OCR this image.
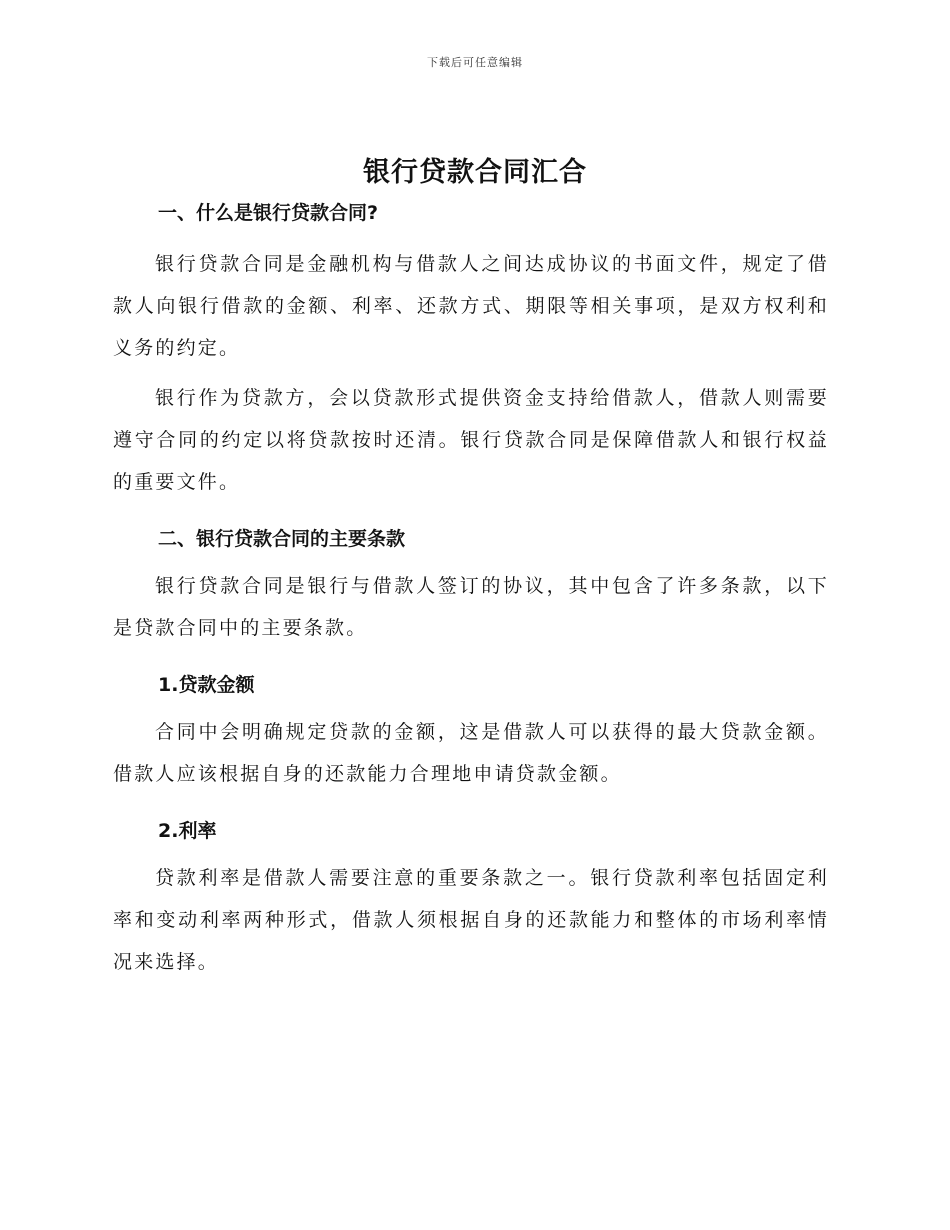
下载后可任意编辑
银行贷款合同汇合
一、什么是银行贷款合同?

银行贷款合同是金融机构与借款人之间达成协议的书面文件，规定了借款人向银行借款的金额、利率、还款方式、期限等相关事项，是双方权利和义务的约定。

银行作为贷款方，会以贷款形式提供资金支持给借款人，借款人则需要遵守合同的约定以将贷款按时还清。银行贷款合同是保障借款人和银行权益的重要文件。

二、银行贷款合同的主要条款

银行贷款合同是银行与借款人签订的协议，其中包含了许多条款，以下是贷款合同中的主要条款。

1.贷款金额

合同中会明确规定贷款的金额，这是借款人可以获得的最大贷款金额。借款人应该根据自身的还款能力合理地申请贷款金额。

2.利率

贷款利率是借款人需要注意的重要条款之一。银行贷款利率包括固定利率和变动利率两种形式，借款人须根据自身的还款能力和整体的市场利率情况来选择。
